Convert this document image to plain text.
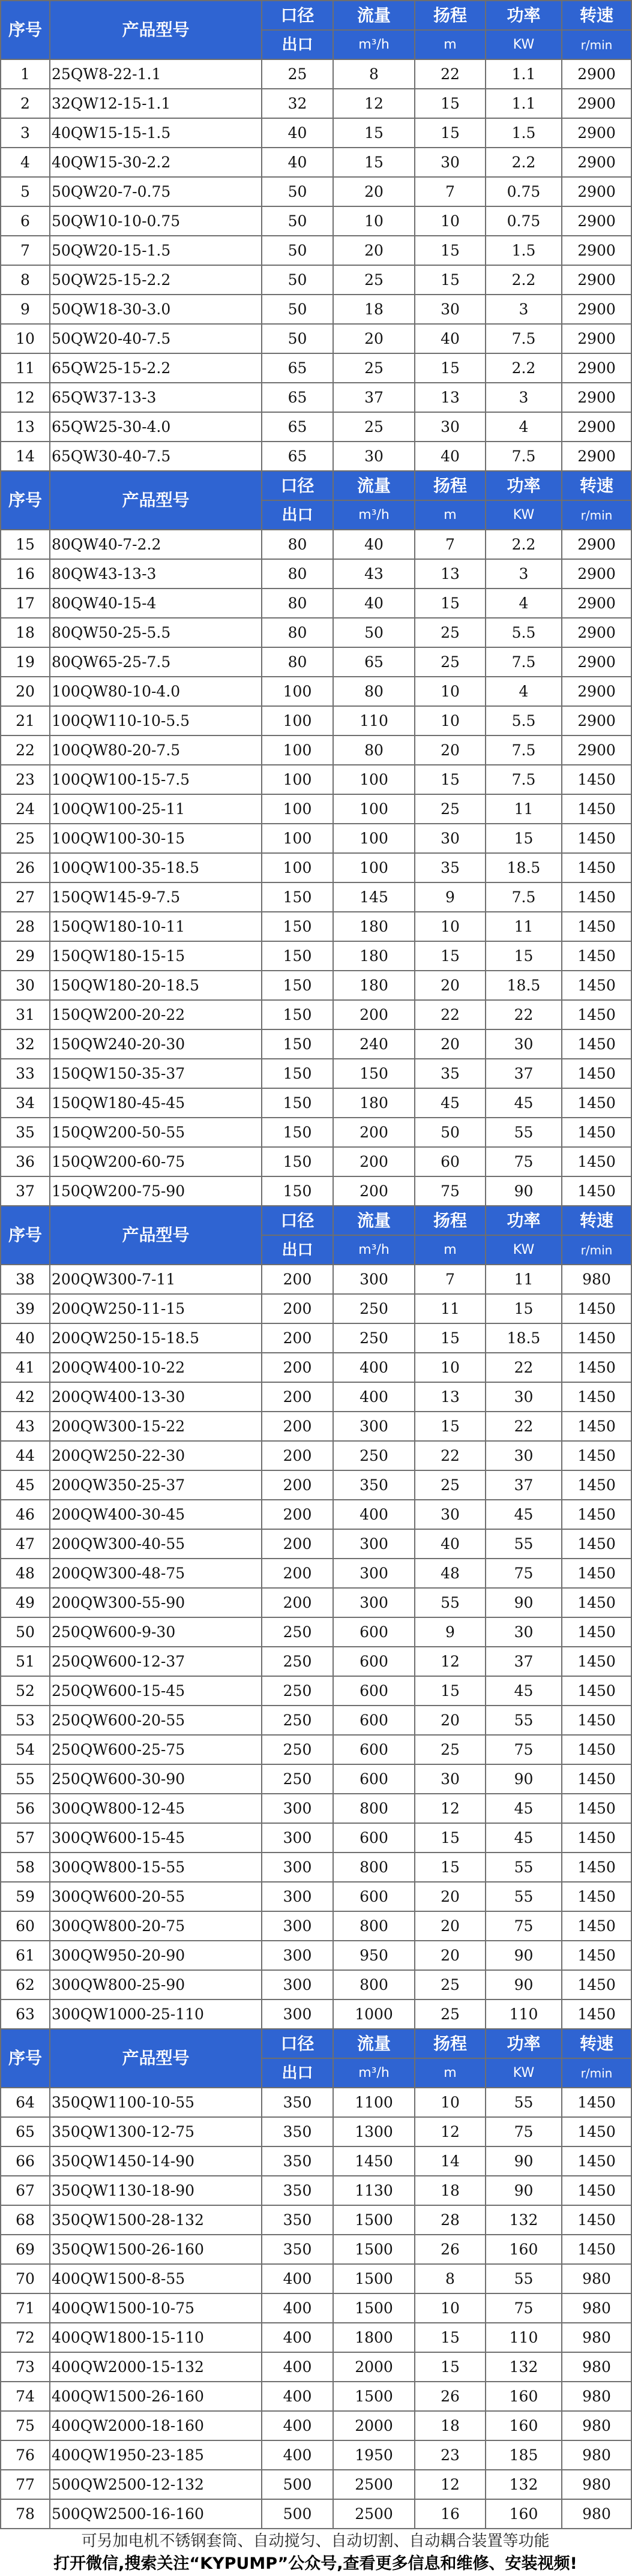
序号	产品型号	口径	流量	扬程	功率	转速
		出口	m³/h	m	KW	r/min
1	25QW8-22-1.1	25	8	22	1.1	2900
2	32QW12-15-1.1	32	12	15	1.1	2900
3	40QW15-15-1.5	40	15	15	1.5	2900
4	40QW15-30-2.2	40	15	30	2.2	2900
5	50QW20-7-0.75	50	20	7	0.75	2900
6	50QW10-10-0.75	50	10	10	0.75	2900
7	50QW20-15-1.5	50	20	15	1.5	2900
8	50QW25-15-2.2	50	25	15	2.2	2900
9	50QW18-30-3.0	50	18	30	3	2900
10	50QW20-40-7.5	50	20	40	7.5	2900
11	65QW25-15-2.2	65	25	15	2.2	2900
12	65QW37-13-3	65	37	13	3	2900
13	65QW25-30-4.0	65	25	30	4	2900
14	65QW30-40-7.5	65	30	40	7.5	2900
序号	产品型号	口径	流量	扬程	功率	转速
		出口	m³/h	m	KW	r/min
15	80QW40-7-2.2	80	40	7	2.2	2900
16	80QW43-13-3	80	43	13	3	2900
17	80QW40-15-4	80	40	15	4	2900
18	80QW50-25-5.5	80	50	25	5.5	2900
19	80QW65-25-7.5	80	65	25	7.5	2900
20	100QW80-10-4.0	100	80	10	4	2900
21	100QW110-10-5.5	100	110	10	5.5	2900
22	100QW80-20-7.5	100	80	20	7.5	2900
23	100QW100-15-7.5	100	100	15	7.5	1450
24	100QW100-25-11	100	100	25	11	1450
25	100QW100-30-15	100	100	30	15	1450
26	100QW100-35-18.5	100	100	35	18.5	1450
27	150QW145-9-7.5	150	145	9	7.5	1450
28	150QW180-10-11	150	180	10	11	1450
29	150QW180-15-15	150	180	15	15	1450
30	150QW180-20-18.5	150	180	20	18.5	1450
31	150QW200-20-22	150	200	22	22	1450
32	150QW240-20-30	150	240	20	30	1450
33	150QW150-35-37	150	150	35	37	1450
34	150QW180-45-45	150	180	45	45	1450
35	150QW200-50-55	150	200	50	55	1450
36	150QW200-60-75	150	200	60	75	1450
37	150QW200-75-90	150	200	75	90	1450
序号	产品型号	口径	流量	扬程	功率	转速
		出口	m³/h	m	KW	r/min
38	200QW300-7-11	200	300	7	11	980
39	200QW250-11-15	200	250	11	15	1450
40	200QW250-15-18.5	200	250	15	18.5	1450
41	200QW400-10-22	200	400	10	22	1450
42	200QW400-13-30	200	400	13	30	1450
43	200QW300-15-22	200	300	15	22	1450
44	200QW250-22-30	200	250	22	30	1450
45	200QW350-25-37	200	350	25	37	1450
46	200QW400-30-45	200	400	30	45	1450
47	200QW300-40-55	200	300	40	55	1450
48	200QW300-48-75	200	300	48	75	1450
49	200QW300-55-90	200	300	55	90	1450
50	250QW600-9-30	250	600	9	30	1450
51	250QW600-12-37	250	600	12	37	1450
52	250QW600-15-45	250	600	15	45	1450
53	250QW600-20-55	250	600	20	55	1450
54	250QW600-25-75	250	600	25	75	1450
55	250QW600-30-90	250	600	30	90	1450
56	300QW800-12-45	300	800	12	45	1450
57	300QW600-15-45	300	600	15	45	1450
58	300QW800-15-55	300	800	15	55	1450
59	300QW600-20-55	300	600	20	55	1450
60	300QW800-20-75	300	800	20	75	1450
61	300QW950-20-90	300	950	20	90	1450
62	300QW800-25-90	300	800	25	90	1450
63	300QW1000-25-110	300	1000	25	110	1450
序号	产品型号	口径	流量	扬程	功率	转速
		出口	m³/h	m	KW	r/min
64	350QW1100-10-55	350	1100	10	55	1450
65	350QW1300-12-75	350	1300	12	75	1450
66	350QW1450-14-90	350	1450	14	90	1450
67	350QW1130-18-90	350	1130	18	90	1450
68	350QW1500-28-132	350	1500	28	132	1450
69	350QW1500-26-160	350	1500	26	160	1450
70	400QW1500-8-55	400	1500	8	55	980
71	400QW1500-10-75	400	1500	10	75	980
72	400QW1800-15-110	400	1800	15	110	980
73	400QW2000-15-132	400	2000	15	132	980
74	400QW1500-26-160	400	1500	26	160	980
75	400QW2000-18-160	400	2000	18	160	980
76	400QW1950-23-185	400	1950	23	185	980
77	500QW2500-12-132	500	2500	12	132	980
78	500QW2500-16-160	500	2500	16	160	980
可另加电机不锈钢套筒、自动搅匀、自动切割、自动耦合装置等功能
打开微信,搜索关注“KYPUMP”公众号,查看更多信息和维修、安装视频!
